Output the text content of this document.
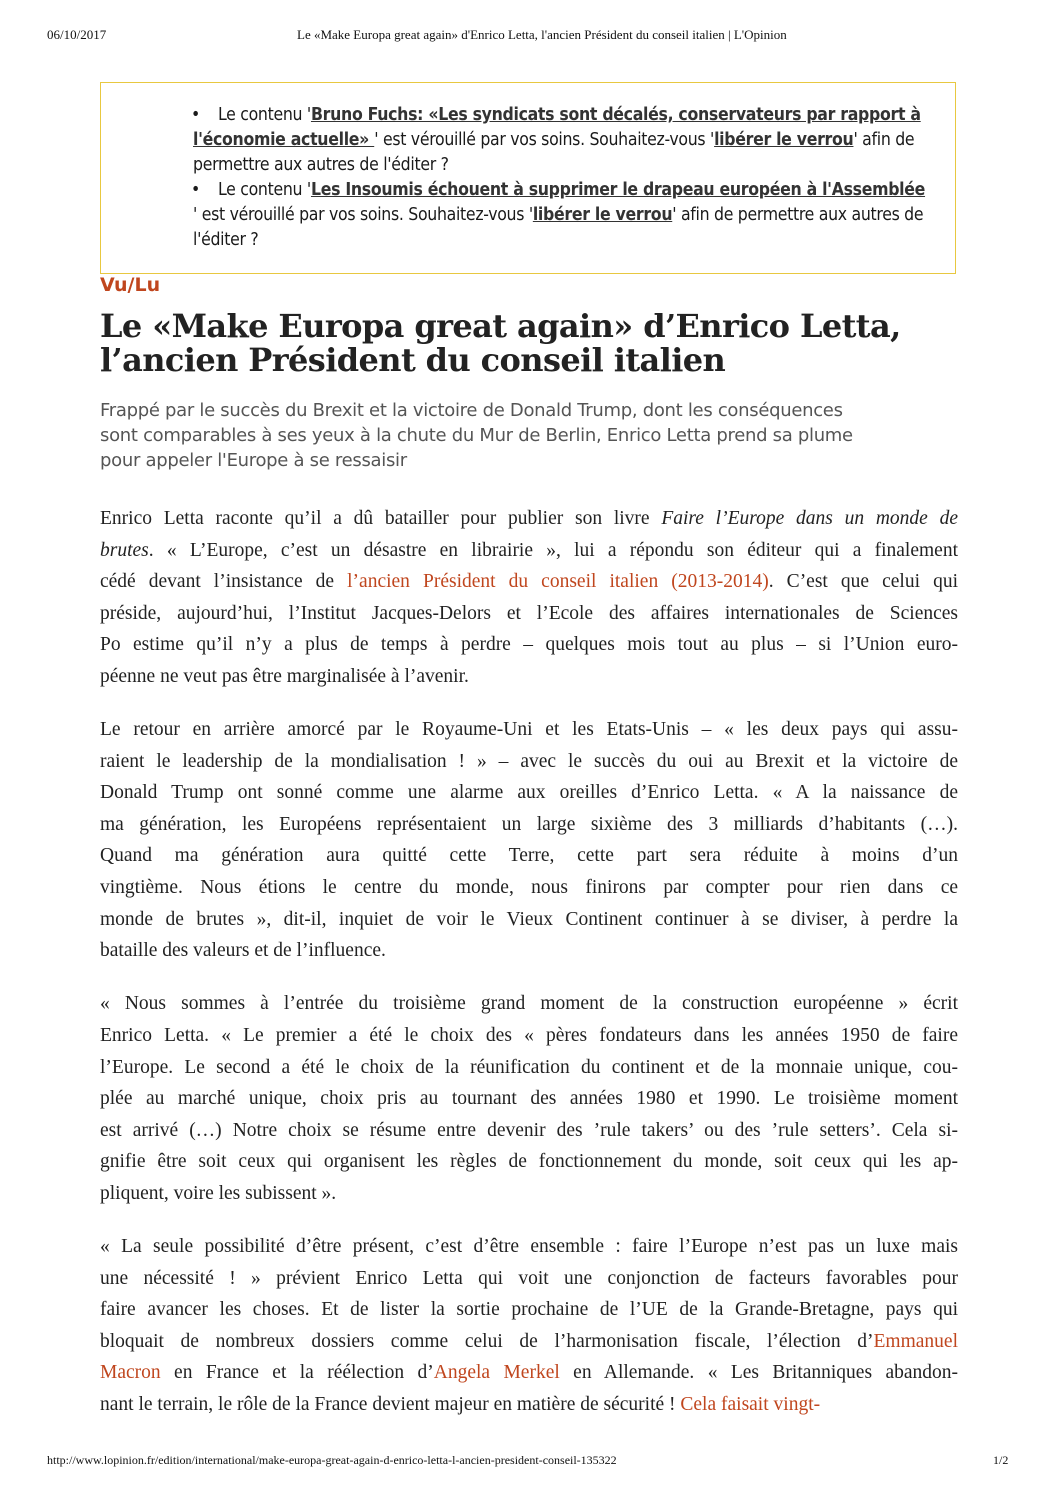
06/10/2017	Le «Make Europa great again» d'Enrico Letta, l'ancien Président du conseil italien | L'Opinion
• Le contenu 'Bruno Fuchs: «Les syndicats sont décalés, conservateurs par rapport à l'économie actuelle» ' est vérouillé par vos soins. Souhaitez-vous 'libérer le verrou' afin de permettre aux autres de l'éditer ?
• Le contenu 'Les Insoumis échouent à supprimer le drapeau européen à l'Assemblée ' est vérouillé par vos soins. Souhaitez-vous 'libérer le verrou' afin de permettre aux autres de l'éditer ?
Vu/Lu
Le «Make Europa great again» d’Enrico Letta,
l’ancien Président du conseil italien
Frappé par le succès du Brexit et la victoire de Donald Trump, dont les conséquences
sont comparables à ses yeux à la chute du Mur de Berlin, Enrico Letta prend sa plume
pour appeler l'Europe à se ressaisir
Enrico Letta raconte qu’il a dû batailler pour publier son livre Faire l’Europe dans un monde de
brutes. « L’Europe, c’est un désastre en librairie », lui a répondu son éditeur qui a finalement
cédé devant l’insistance de l’ancien Président du conseil italien (2013-2014). C’est que celui qui
préside, aujourd’hui, l’Institut Jacques-Delors et l’Ecole des affaires internationales de Sciences
Po estime qu’il n’y a plus de temps à perdre – quelques mois tout au plus – si l’Union euro-
péenne ne veut pas être marginalisée à l’avenir.
Le retour en arrière amorcé par le Royaume-Uni et les Etats-Unis – « les deux pays qui assu-
raient le leadership de la mondialisation ! » – avec le succès du oui au Brexit et la victoire de
Donald Trump ont sonné comme une alarme aux oreilles d’Enrico Letta. « A la naissance de
ma génération, les Européens représentaient un large sixième des 3 milliards d’habitants (…).
Quand ma génération aura quitté cette Terre, cette part sera réduite à moins d’un
vingtième. Nous étions le centre du monde, nous finirons par compter pour rien dans ce
monde de brutes », dit-il, inquiet de voir le Vieux Continent continuer à se diviser, à perdre la
bataille des valeurs et de l’influence.
« Nous sommes à l’entrée du troisième grand moment de la construction européenne » écrit
Enrico Letta. « Le premier a été le choix des « pères fondateurs dans les années 1950 de faire
l’Europe. Le second a été le choix de la réunification du continent et de la monnaie unique, cou-
plée au marché unique, choix pris au tournant des années 1980 et 1990. Le troisième moment
est arrivé (…) Notre choix se résume entre devenir des ’rule takers’ ou des ’rule setters’. Cela si-
gnifie être soit ceux qui organisent les règles de fonctionnement du monde, soit ceux qui les ap-
pliquent, voire les subissent ».
« La seule possibilité d’être présent, c’est d’être ensemble : faire l’Europe n’est pas un luxe mais
une nécessité ! » prévient Enrico Letta qui voit une conjonction de facteurs favorables pour
faire avancer les choses. Et de lister la sortie prochaine de l’UE de la Grande-Bretagne, pays qui
bloquait de nombreux dossiers comme celui de l’harmonisation fiscale, l’élection d’Emmanuel
Macron en France et la réélection d’Angela Merkel en Allemande. « Les Britanniques abandon-
nant le terrain, le rôle de la France devient majeur en matière de sécurité ! Cela faisait vingt-
http://www.lopinion.fr/edition/international/make-europa-great-again-d-enrico-letta-l-ancien-president-conseil-135322	1/2
